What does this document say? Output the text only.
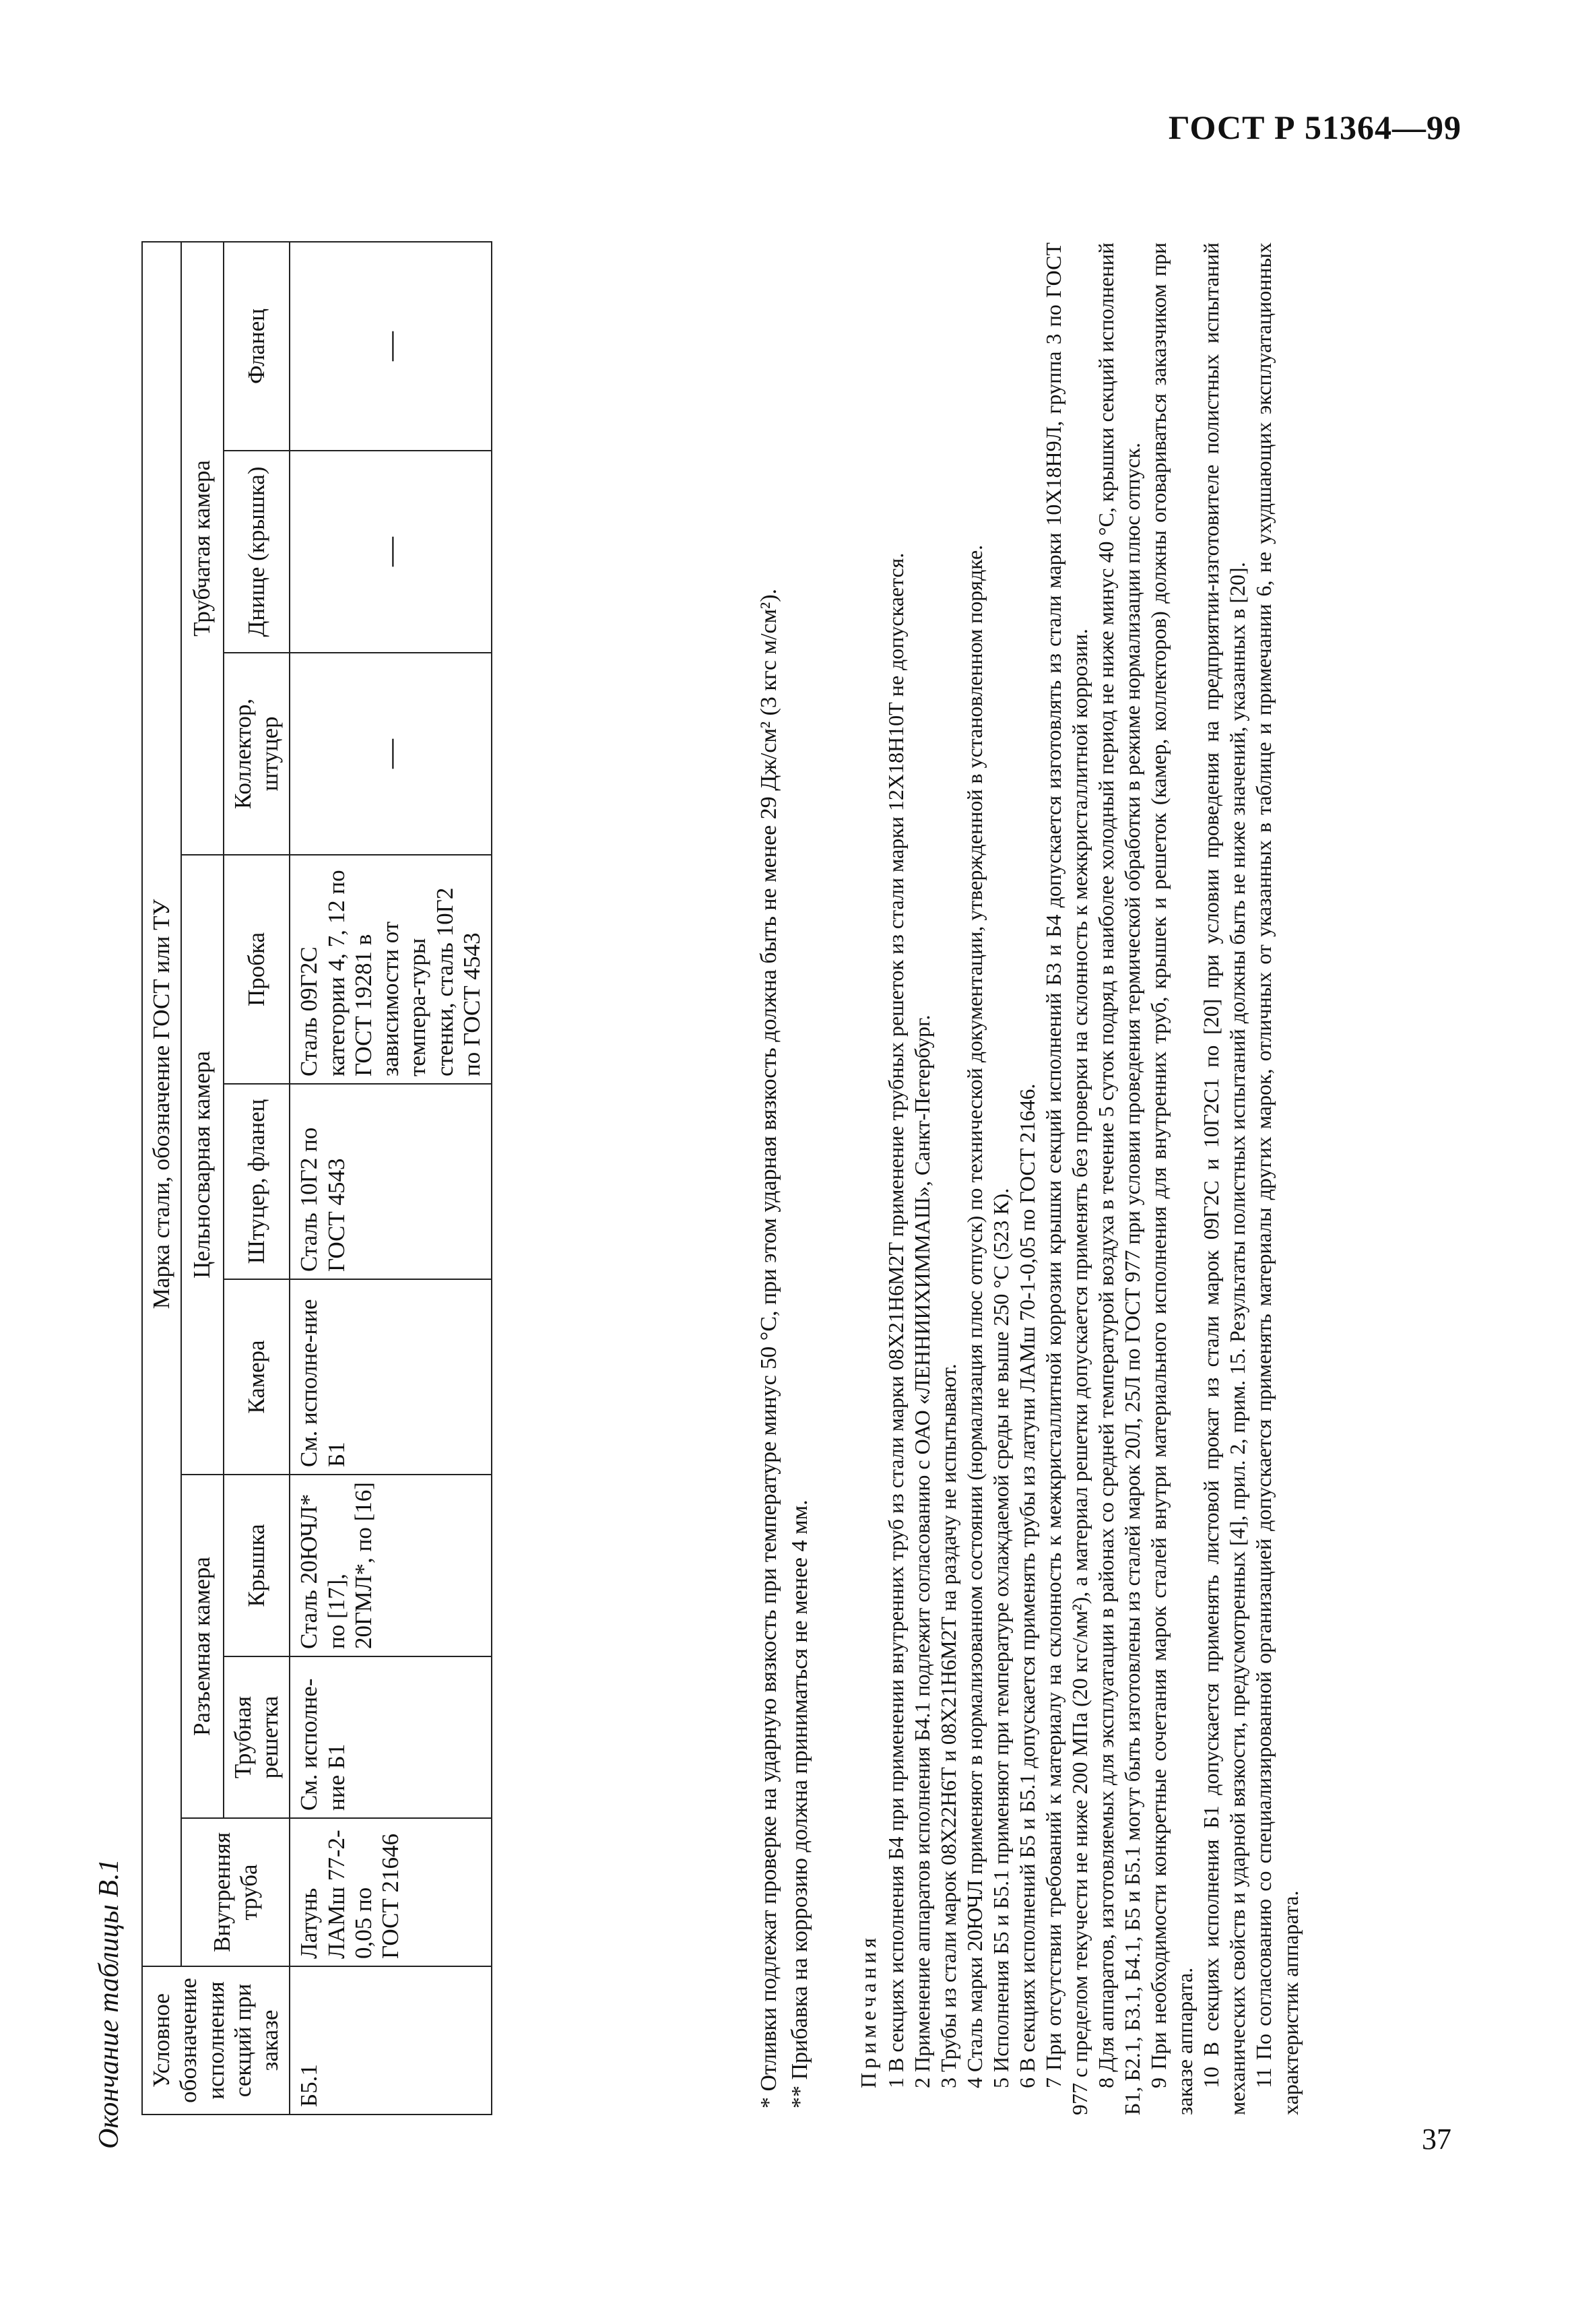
ГОСТ Р 51364—99
37
Окончание таблицы В.1 Условное обозначение исполнения секций при заказе	Марка стали, обозначение ГОСТ или ТУ								
	Внутренняя труба	Разъемная камера		Цельносварная камера			Трубчатая камера		
		Трубная решетка	Крышка	Камера	Штуцер, фланец	Пробка	Коллектор, штуцер	Днище (крышка)	Фланец
Б5.1	Латунь ЛАМш 77-2-0,05 по ГОСТ 21646	См. исполне-ние Б1	Сталь 20ЮЧЛ* по [17], 20ГМЛ*, по [16]	См. исполне-ние Б1	Сталь 10Г2 по ГОСТ 4543	Сталь 09Г2С категории 4, 7, 12 по ГОСТ 19281 в зависимости от темпера-туры стенки, сталь 10Г2 по ГОСТ 4543	—	—	—

* Отливки подлежат проверке на ударную вязкость при температуре минус 50 °С, при этом ударная вязкость должна быть не менее 29 Дж/см² (3 кгс м/см²). ** Прибавка на коррозию должна приниматься не менее 4 мм. Примечания 1 В секциях исполнения Б4 при применении внутренних труб из стали марки 08Х21Н6М2Т применение трубных решеток из стали марки 12Х18Н10Т не допускается. 2 Применение аппаратов исполнения Б4.1 подлежит согласованию с ОАО «ЛЕННИИХИММАШ», Санкт-Петербург. 3 Трубы из стали марок 08Х22Н6Т и 08Х21Н6М2Т на раздачу не испытывают. 4 Сталь марки 20ЮЧЛ применяют в нормализованном состоянии (нормализация плюс отпуск) по технической документации, утвержденной в установленном порядке. 5 Исполнения Б5 и Б5.1 применяют при температуре охлаждаемой среды не выше 250 °С (523 К). 6 В секциях исполнений Б5 и Б5.1 допускается применять трубы из латуни ЛАМш 70-1-0,05 по ГОСТ 21646. 7 При отсутствии требований к материалу на склонность к межкристаллитной коррозии крышки секций исполнений Б3 и Б4 допускается изготовлять из стали марки 10Х18Н9Л, группа 3 по ГОСТ 977 с пределом текучести не ниже 200 МПа (20 кгс/мм²), а материал решетки допускается применять без проверки на склонность к межкристаллитной коррозии. 8 Для аппаратов, изготовляемых для эксплуатации в районах со средней температурой воздуха в течение 5 суток подряд в наиболее холодный период не ниже минус 40 °С, крышки секций исполнений Б1, Б2.1, Б3.1, Б4.1, Б5 и Б5.1 могут быть изготовлены из сталей марок 20Л, 25Л по ГОСТ 977 при условии проведения термической обработки в режиме нормализации плюс отпуск. 9 При необходимости конкретные сочетания марок сталей внутри материального исполнения для внутренних труб, крышек и решеток (камер, коллекторов) должны оговариваться заказчиком при заказе аппарата. 10 В секциях исполнения Б1 допускается применять листовой прокат из стали марок 09Г2С и 10Г2С1 по [20] при условии проведения на предприятии-изготовителе полистных испытаний механических свойств и ударной вязкости, предусмотренных [4], прил. 2, прим. 15. Результаты полистных испытаний должны быть не ниже значений, указанных в [20]. 11 По согласованию со специализированной организацией допускается применять материалы других марок, отличных от указанных в таблице и примечании 6, не ухудшающих эксплуатационных характеристик аппарата.
